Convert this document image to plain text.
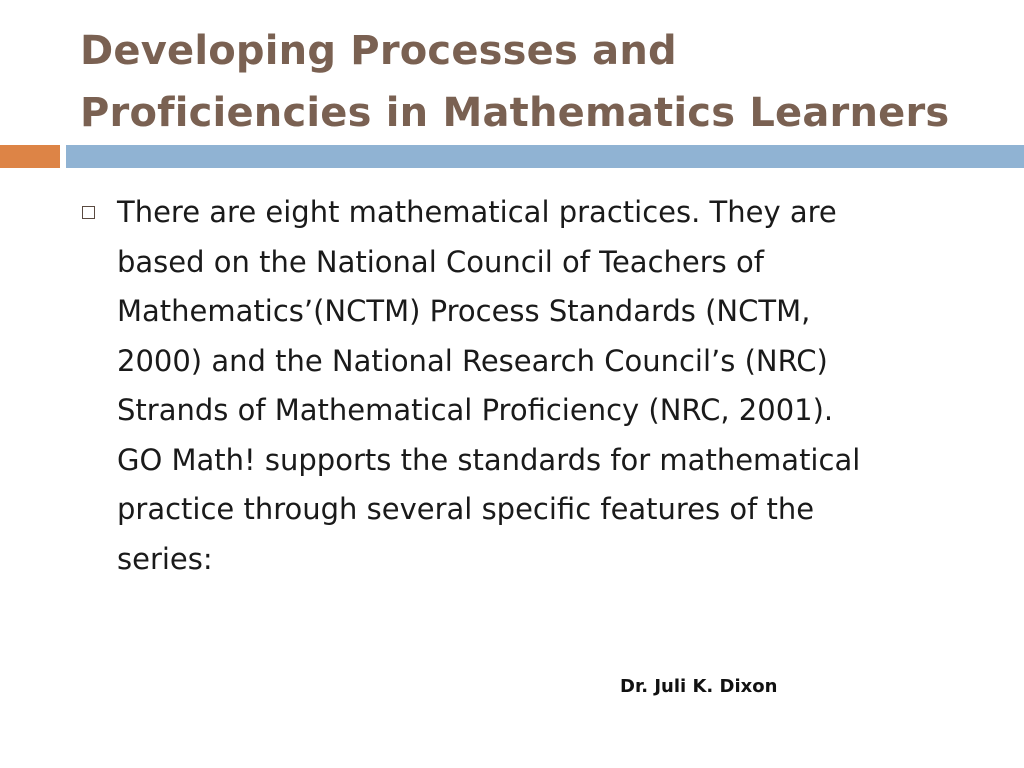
Developing Processes and
Proficiencies in Mathematics Learners
There are eight mathematical practices. They are
based on the National Council of Teachers of
Mathematics’(NCTM) Process Standards (NCTM,
2000) and the National Research Council’s (NRC)
Strands of Mathematical Proficiency (NRC, 2001).
GO Math! supports the standards for mathematical
practice through several specific features of the
series:
Dr. Juli K. Dixon
